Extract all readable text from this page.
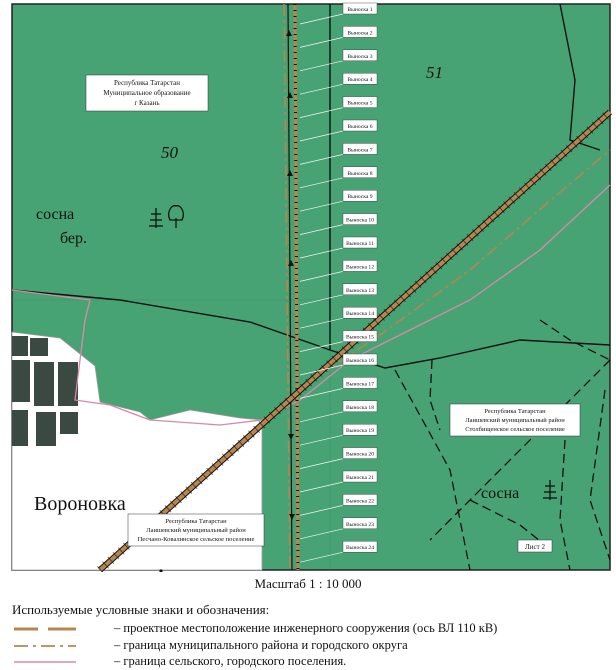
Выноска 1
Выноска 2
Выноска 3
Выноска 4
Выноска 5
Выноска 6
Выноска 7
Выноска 8
Выноска 9
Выноска 10
Выноска 11
Выноска 12
Выноска 13
Выноска 14
Выноска 15
Выноска 16
Выноска 17
Выноска 18
Выноска 19
Выноска 20
Выноска 21
Выноска 22
Выноска 23
Выноска 24
50
51
сосна
бер.
сосна
Вороновка
Республика Татарстан
Муниципальное образование
г Казань
Республика Татарстан
Лаишевский муниципальный район
Столбищенское сельское поселение
Республика Татарстан
Лаишевский муниципальный район
Песчано-Ковалинское сельское поселение
Лист 2
Масштаб 1 : 10 000
Используемые условные знаки и обозначения:
– проектное местоположение инженерного сооружения (ось ВЛ 110 кВ)
– граница муниципального района и городского округа
– граница сельского, городского поселения.
